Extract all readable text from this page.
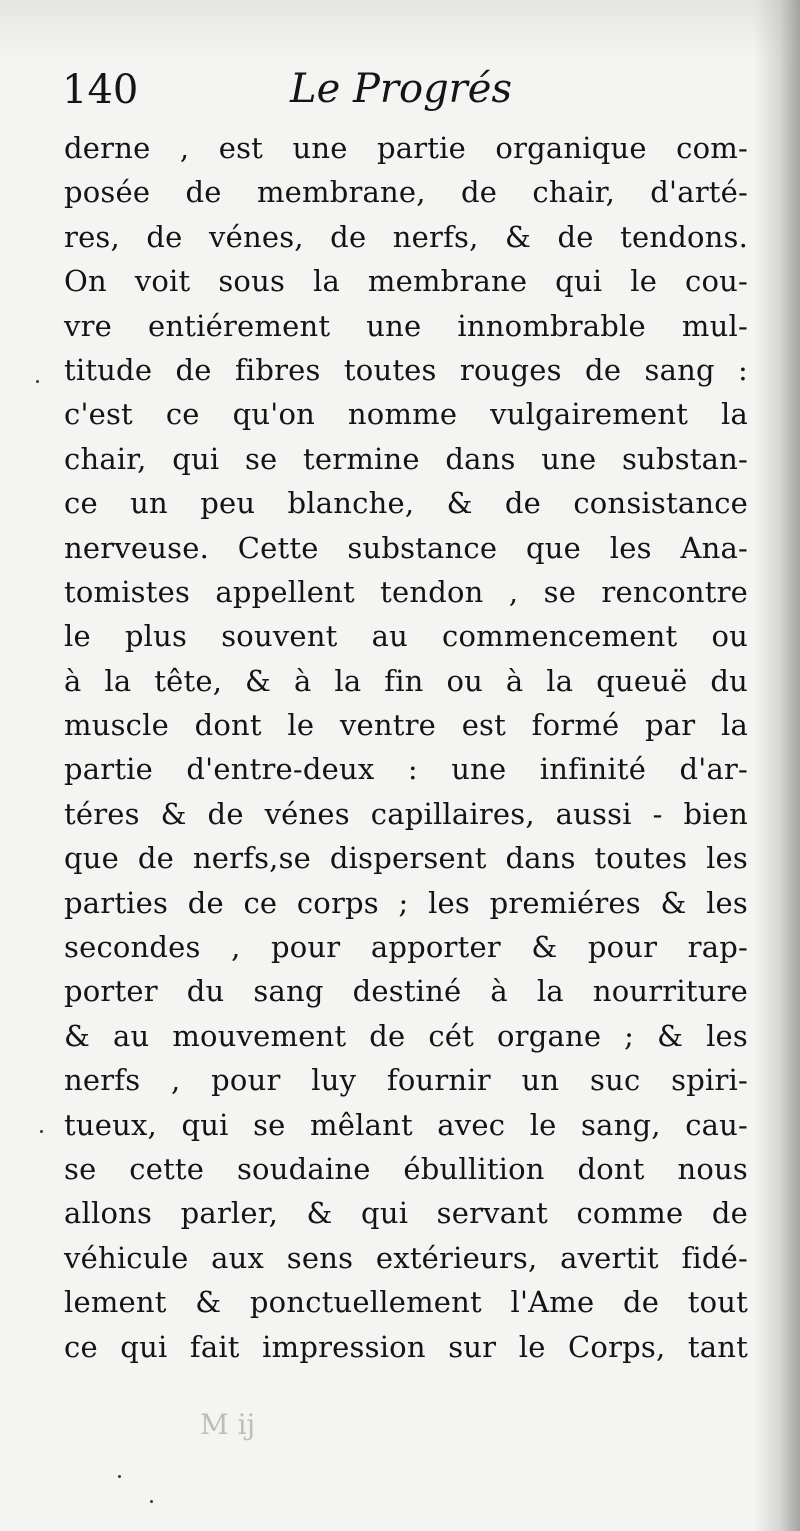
140	Le Progrés
derne , est une partie organique com-
posée de membrane, de chair, d'arté-
res, de vénes, de nerfs, & de tendons.
On voit sous la membrane qui le cou-
vre entiérement une innombrable mul-
titude de fibres toutes rouges de sang :
c'est ce qu'on nomme vulgairement la
chair, qui se termine dans une substan-
ce un peu blanche, & de consistance
nerveuse. Cette substance que les Ana-
tomistes appellent tendon , se rencontre
le plus souvent au commencement ou
à la tête, & à la fin ou à la queuë du
muscle dont le ventre est formé par la
partie d'entre-deux : une infinité d'ar-
téres & de vénes capillaires, aussi - bien
que de nerfs,se dispersent dans toutes les
parties de ce corps ; les premiéres & les
secondes , pour apporter & pour rap-
porter du sang destiné à la nourriture
& au mouvement de cét organe ; & les
nerfs , pour luy fournir un suc spiri-
tueux, qui se mêlant avec le sang, cau-
se cette soudaine ébullition dont nous
allons parler, & qui servant comme de
véhicule aux sens extérieurs, avertit fidé-
lement & ponctuellement l'Ame de tout
ce qui fait impression sur le Corps, tant
M ij
